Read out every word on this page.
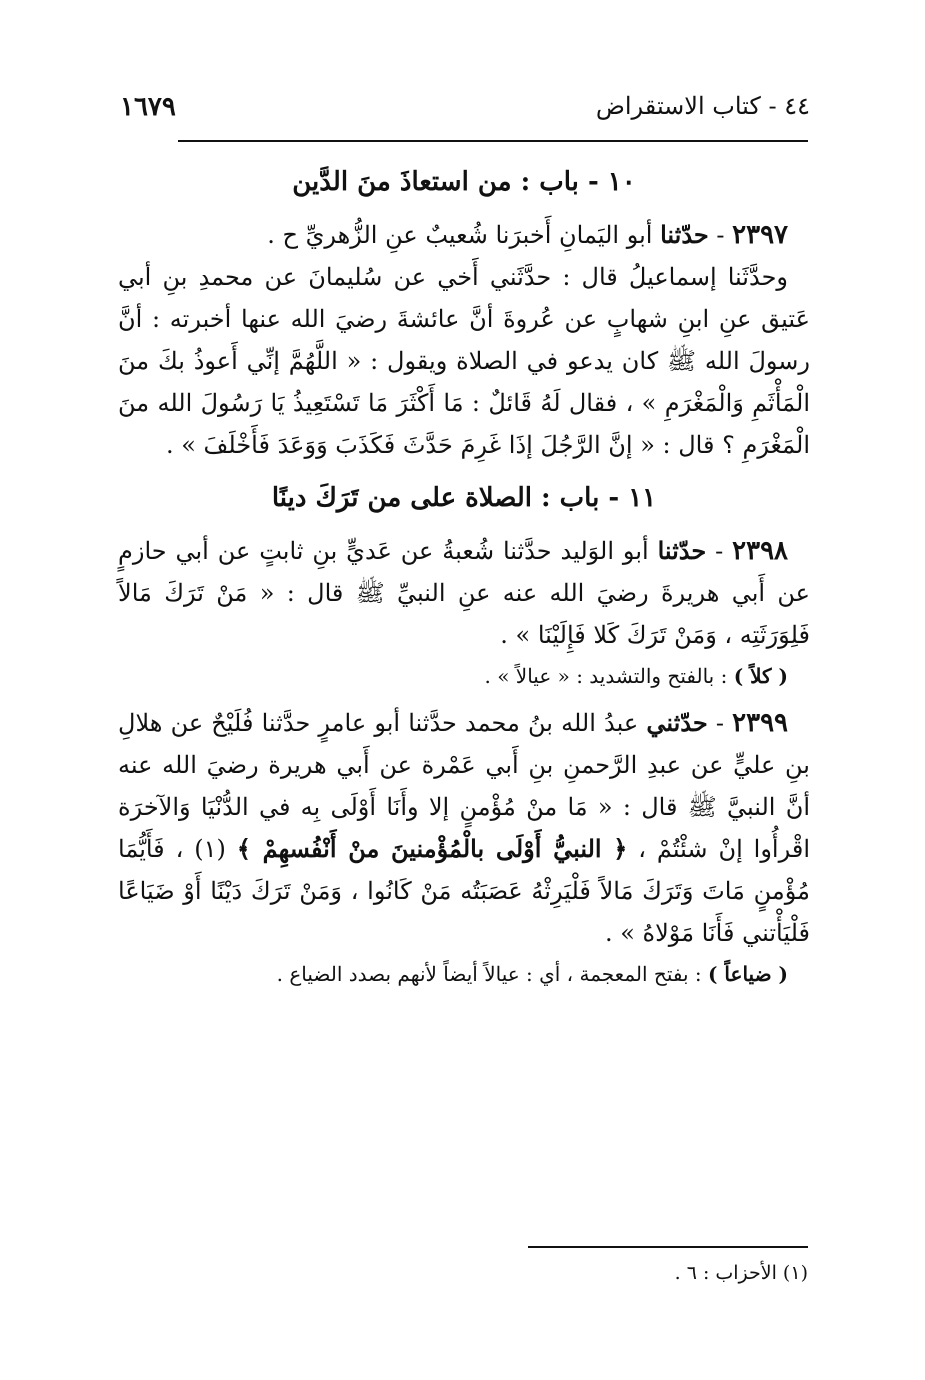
٤٤ - كتاب الاستقراض
١٦٧٩

١٠ - باب : من استعاذَ منَ الدَّين

٢٣٩٧ - حدّثنا أبو اليَمانِ أَخبرَنا شُعيبٌ عنِ الزُّهريِّ ح .

وحدَّثَنا إسماعيلُ قال : حدَّثَني أَخي عن سُليمانَ عن محمدِ بنِ أبي عَتيق عنِ ابنِ شهابٍ عن عُروةَ أنَّ عائشةَ رضيَ الله عنها أخبرته : أنَّ رسولَ الله ﷺ كان يدعو في الصلاة ويقول : « اللَّهُمَّ إنِّي أَعوذُ بكَ منَ الْمَأْثَمِ وَالْمَغْرَمِ » ، فقال لَهُ قَائلٌ : مَا أَكْثَرَ مَا تَسْتَعِيذُ يَا رَسُولَ الله منَ الْمَغْرَمِ ؟ قال : « إنَّ الرَّجُلَ إذَا غَرِمَ حَدَّثَ فَكَذَبَ وَوَعَدَ فَأَخْلَفَ » .

١١ - باب : الصلاة على من تَرَكَ دينًا

٢٣٩٨ - حدّثنا أبو الوَليد حدَّثنا شُعبةُ عن عَديٍّ بنِ ثابتٍ عن أبي حازمٍ عن أَبي هريرةَ رضيَ الله عنه عنِ النبيِّ ﷺ قال : « مَنْ تَرَكَ مَالاً فَلِوَرَثَتِه ، وَمَنْ تَرَكَ كَلا فَإِلَيْنَا » .

( كلاً ) : بالفتح والتشديد : « عيالاً » .

٢٣٩٩ - حدّثني عبدُ الله بنُ محمد حدَّثنا أبو عامرٍ حدَّثنا فُلَيْحٌ عن هلالِ بنِ عليٍّ عن عبدِ الرَّحمنِ بنِ أَبي عَمْرة عن أَبي هريرة رضيَ الله عنه أنَّ النبيَّ ﷺ قال : « مَا منْ مُؤْمنٍ إلا وأَنَا أَوْلَى بِه في الدُّنْيَا وَالآخرَة اقْرأُوا إنْ شئْتُمْ ، ﴿ النبيُّ أَوْلَى بالْمُؤْمنينَ منْ أَنْفُسهِمْ ﴾ (١) ، فَأَيُّمَا مُؤْمنٍ مَاتَ وَتَرَكَ مَالاً فَلْيَرِثْهُ عَصَبَتُه مَنْ كَانُوا ، وَمَنْ تَرَكَ دَيْنًا أَوْ ضَيَاعًا فَلْيَأْتني فَأَنَا مَوْلاهُ » .

( ضياعاً ) : بفتح المعجمة ، أي : عيالاً أيضاً لأنهم بصدد الضياع .

(١) الأحزاب : ٦ .
